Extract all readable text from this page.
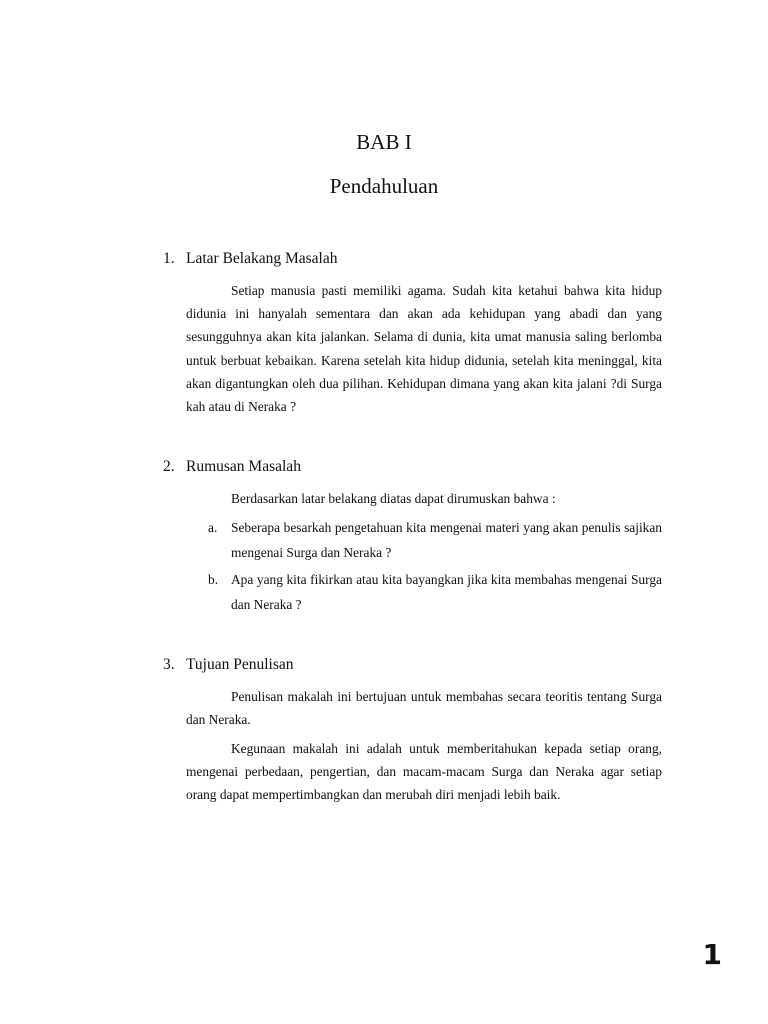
BAB I
Pendahuluan
1. Latar Belakang Masalah

Setiap manusia pasti memiliki agama. Sudah kita ketahui bahwa kita hidup didunia ini hanyalah sementara dan akan ada kehidupan yang abadi dan yang sesungguhnya akan kita jalankan. Selama di dunia, kita umat manusia saling berlomba untuk berbuat kebaikan. Karena setelah kita hidup didunia, setelah kita meninggal, kita akan digantungkan oleh dua pilihan. Kehidupan dimana yang akan kita jalani ?di Surga kah atau di Neraka ?

2. Rumusan Masalah

Berdasarkan latar belakang diatas dapat dirumuskan bahwa :

a. Seberapa besarkah pengetahuan kita mengenai materi yang akan penulis sajikan mengenai Surga dan Neraka ?
b. Apa yang kita fikirkan atau kita bayangkan jika kita membahas mengenai Surga dan Neraka ?
3. Tujuan Penulisan

Penulisan makalah ini bertujuan untuk membahas secara teoritis tentang Surga dan Neraka.

Kegunaan makalah ini adalah untuk memberitahukan kepada setiap orang, mengenai perbedaan, pengertian, dan macam-macam Surga dan Neraka agar setiap orang dapat mempertimbangkan dan merubah diri menjadi lebih baik.

1
